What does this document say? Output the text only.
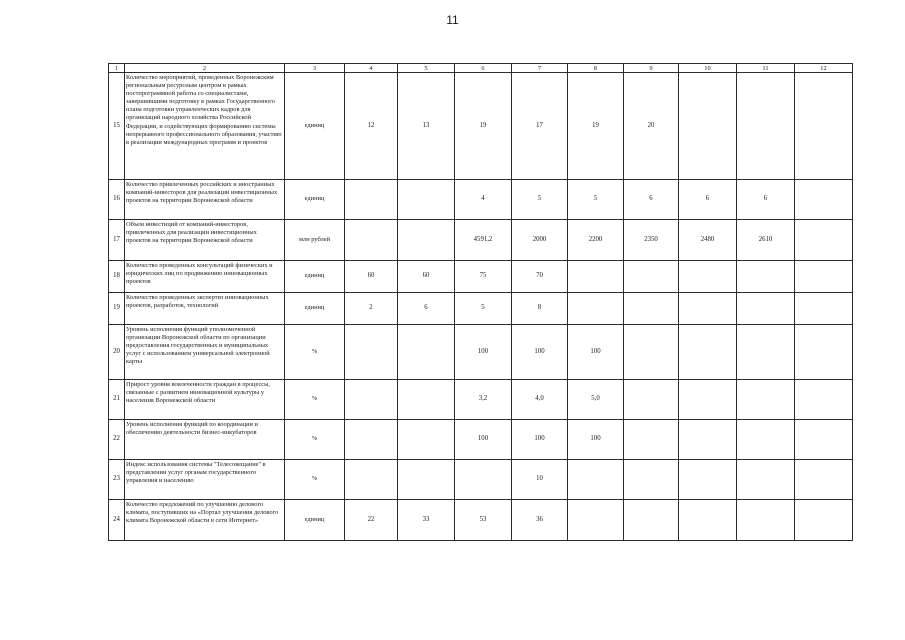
11
1	2	3	4	5	6	7	8	9	10	11	12
15	Количество мероприятий, проведенных Воронежским региональным ресурсным центром в рамках постпрограммной работы со специалистами, завершившими подготовку в рамках Государственного плана подготовки управленческих кадров для организаций народного хозяйства Российской Федерации, и содействующих формированию системы непрерывного профессионального образования, участию в реализации международных программ и проектов	единиц	12	13	19	17	19	20			
16	Количество привлеченных российских и иностранных компаний-инвесторов для реализации инвестиционных проектов на территории Воронежской области	единиц			4	5	5	6	6	6	
17	Объем инвестиций от компаний-инвесторов, привлеченных для реализации инвестиционных проектов на территории Воронежской области	млн рублей			4591,2	2000	2200	2350	2480	2610	
18	Количество проведенных консультаций физических и юридических лиц по продвижению инновационных проектов	единиц	60	60	75	70					
19	Количество проведенных экспертиз инновационных проектов, разработок, технологий	единиц	2	6	5	8					
20	Уровень исполнения функций уполномоченной организации Воронежской области по организации предоставления государственных и муниципальных услуг с использованием универсальной электронной карты	%			100	100	100				
21	Прирост уровня вовлеченности граждан в процессы, связанные с развитием инновационной культуры у населения Воронежской области	%			3,2	4,0	5,0				
22	Уровень исполнения функций по координации и обеспечению деятельности бизнес-инкубаторов	%			100	100	100				
23	Индекс использования системы "Телесовещание" в представлении услуг органам государственного управления и населению	%				10					
24	Количество предложений по улучшению делового климата, поступивших на «Портал улучшения делового климата Воронежской области в сети Интернет»	единиц	22	33	53	36					
